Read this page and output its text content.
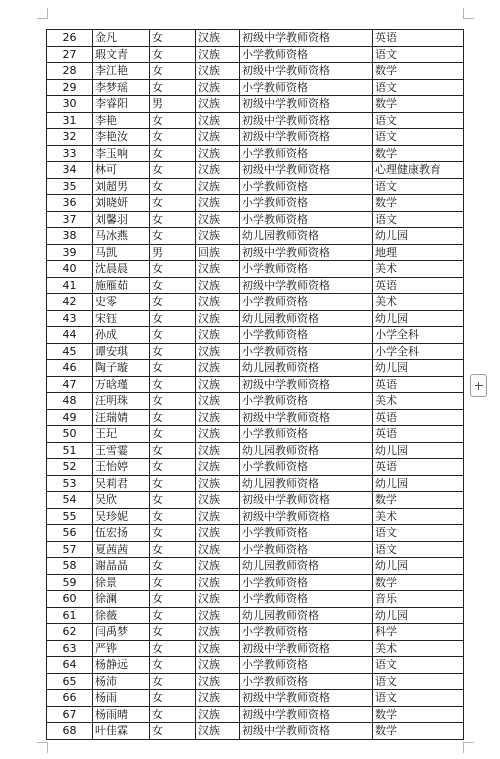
26	金凡	女	汉族	初级中学教师资格	英语
27	瑕文青	女	汉族	小学教师资格	语文
28	李江艳	女	汉族	初级中学教师资格	数学
29	李梦瑶	女	汉族	小学教师资格	语文
30	李睿阳	男	汉族	初级中学教师资格	数学
31	李艳	女	汉族	初级中学教师资格	语文
32	李艳汝	女	汉族	初级中学教师资格	语文
33	李玉响	女	汉族	小学教师资格	数学
34	林可	女	汉族	初级中学教师资格	心理健康教育
35	刘超男	女	汉族	小学教师资格	语文
36	刘晓妍	女	汉族	小学教师资格	数学
37	刘馨羽	女	汉族	小学教师资格	语文
38	马冰燕	女	汉族	幼儿园教师资格	幼儿园
39	马凯	男	回族	初级中学教师资格	地理
40	沈晨晨	女	汉族	小学教师资格	美术
41	施雁茹	女	汉族	初级中学教师资格	英语
42	史零	女	汉族	小学教师资格	美术
43	宋钰	女	汉族	幼儿园教师资格	幼儿园
44	孙成	女	汉族	小学教师资格	小学全科
45	谭安琪	女	汉族	小学教师资格	小学全科
46	陶子璇	女	汉族	幼儿园教师资格	幼儿园
47	万晗瑾	女	汉族	初级中学教师资格	英语
48	汪明珠	女	汉族	小学教师资格	美术
49	汪瑞婧	女	汉族	初级中学教师资格	英语
50	王玘	女	汉族	小学教师资格	英语
51	王雪霎	女	汉族	幼儿园教师资格	幼儿园
52	王怡婷	女	汉族	小学教师资格	英语
53	吴莉君	女	汉族	幼儿园教师资格	幼儿园
54	吴欣	女	汉族	初级中学教师资格	数学
55	吴珍妮	女	汉族	初级中学教师资格	美术
56	伍宏扬	女	汉族	小学教师资格	语文
57	夏茜茜	女	汉族	小学教师资格	语文
58	谢晶晶	女	汉族	幼儿园教师资格	幼儿园
59	徐景	女	汉族	小学教师资格	数学
60	徐澜	女	汉族	小学教师资格	音乐
61	徐薇	女	汉族	幼儿园教师资格	幼儿园
62	闫禹梦	女	汉族	小学教师资格	科学
63	严铧	女	汉族	初级中学教师资格	美术
64	杨静远	女	汉族	小学教师资格	语文
65	杨沛	女	汉族	小学教师资格	语文
66	杨雨	女	汉族	初级中学教师资格	语文
67	杨雨晴	女	汉族	初级中学教师资格	数学
68	叶佳霖	女	汉族	初级中学教师资格	数学
